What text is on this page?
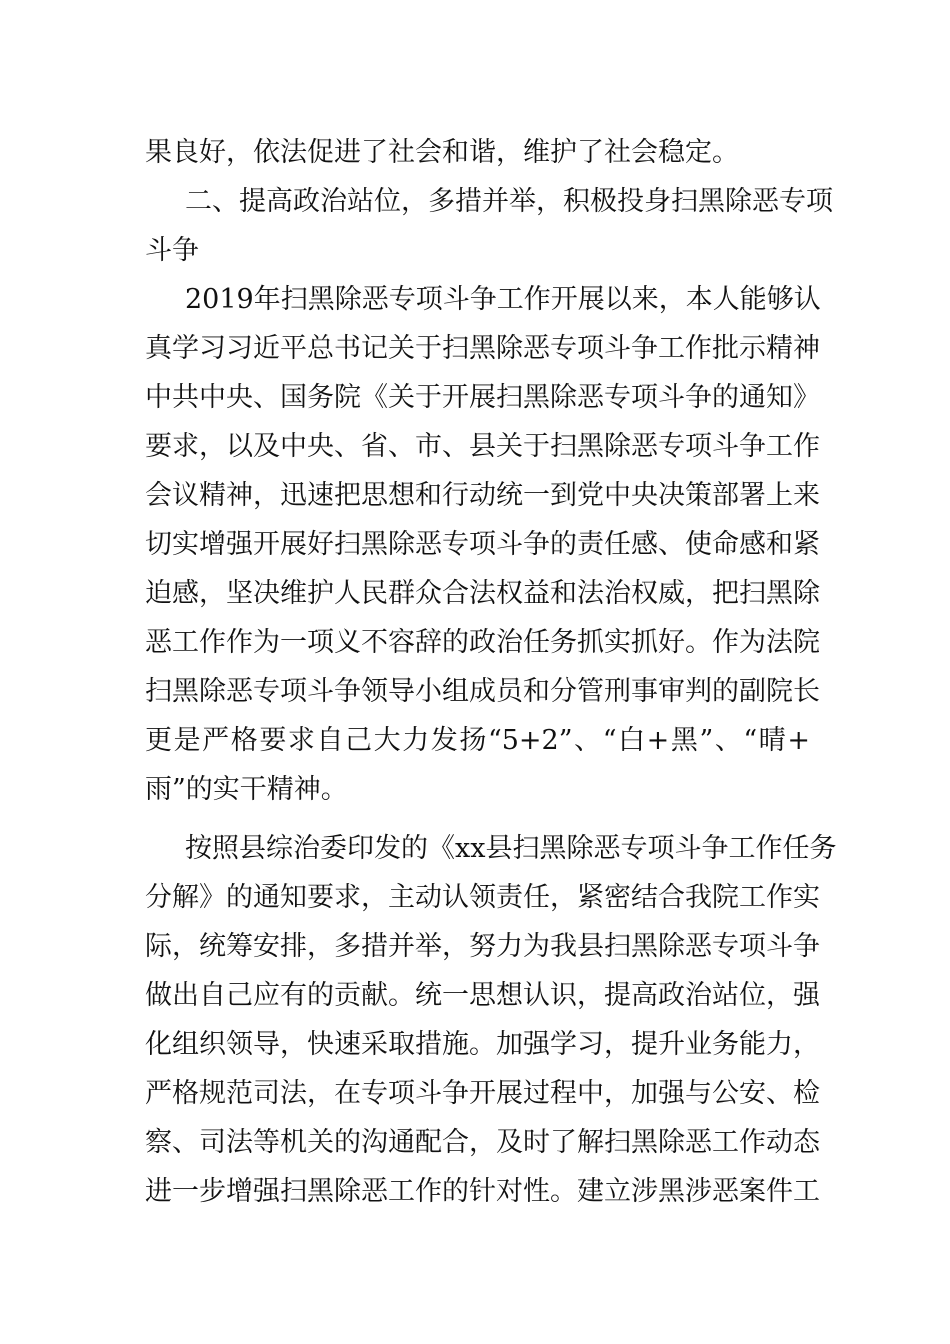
果良好，依法促进了社会和谐，维护了社会稳定。
二、提高政治站位，多措并举，积极投身扫黑除恶专项
斗争
2019年扫黑除恶专项斗争工作开展以来，本人能够认
真学习习近平总书记关于扫黑除恶专项斗争工作批示精神
中共中央、国务院《关于开展扫黑除恶专项斗争的通知》
要求，以及中央、省、市、县关于扫黑除恶专项斗争工作
会议精神，迅速把思想和行动统一到党中央决策部署上来
切实增强开展好扫黑除恶专项斗争的责任感、使命感和紧
迫感，坚决维护人民群众合法权益和法治权威，把扫黑除
恶工作作为一项义不容辞的政治任务抓实抓好。作为法院
扫黑除恶专项斗争领导小组成员和分管刑事审判的副院长
更是严格要求自己大力发扬“5+2”、“白+黑”、“晴+
雨”的实干精神。
按照县综治委印发的《xx县扫黑除恶专项斗争工作任务
分解》的通知要求，主动认领责任，紧密结合我院工作实
际，统筹安排，多措并举，努力为我县扫黑除恶专项斗争
做出自己应有的贡献。统一思想认识，提高政治站位，强
化组织领导，快速采取措施。加强学习，提升业务能力，
严格规范司法，在专项斗争开展过程中，加强与公安、检
察、司法等机关的沟通配合，及时了解扫黑除恶工作动态
进一步增强扫黑除恶工作的针对性。建立涉黑涉恶案件工
